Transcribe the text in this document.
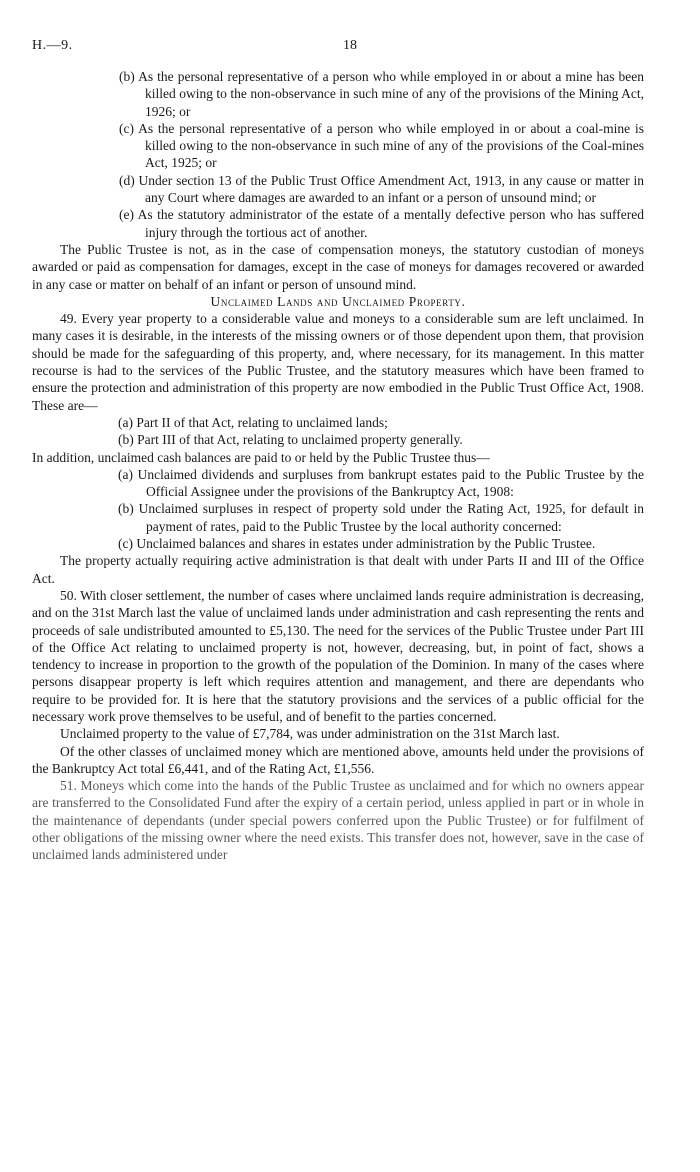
H.—9.	18

(b) As the personal representative of a person who while employed in or about a mine has been killed owing to the non-observance in such mine of any of the provisions of the Mining Act, 1926; or

(c) As the personal representative of a person who while employed in or about a coal-mine is killed owing to the non-observance in such mine of any of the provisions of the Coal-mines Act, 1925; or

(d) Under section 13 of the Public Trust Office Amendment Act, 1913, in any cause or matter in any Court where damages are awarded to an infant or a person of unsound mind; or

(e) As the statutory administrator of the estate of a mentally defective person who has suffered injury through the tortious act of another.

The Public Trustee is not, as in the case of compensation moneys, the statutory custodian of moneys awarded or paid as compensation for damages, except in the case of moneys for damages recovered or awarded in any case or matter on behalf of an infant or person of unsound mind.

Unclaimed Lands and Unclaimed Property.

49. Every year property to a considerable value and moneys to a considerable sum are left unclaimed. In many cases it is desirable, in the interests of the missing owners or of those dependent upon them, that provision should be made for the safeguarding of this property, and, where necessary, for its management. In this matter recourse is had to the services of the Public Trustee, and the statutory measures which have been framed to ensure the protection and administration of this property are now embodied in the Public Trust Office Act, 1908. These are—

(a) Part II of that Act, relating to unclaimed lands;

(b) Part III of that Act, relating to unclaimed property generally.

In addition, unclaimed cash balances are paid to or held by the Public Trustee thus—

(a) Unclaimed dividends and surpluses from bankrupt estates paid to the Public Trustee by the Official Assignee under the provisions of the Bankruptcy Act, 1908:

(b) Unclaimed surpluses in respect of property sold under the Rating Act, 1925, for default in payment of rates, paid to the Public Trustee by the local authority concerned:

(c) Unclaimed balances and shares in estates under administration by the Public Trustee.

The property actually requiring active administration is that dealt with under Parts II and III of the Office Act.

50. With closer settlement, the number of cases where unclaimed lands require administration is decreasing, and on the 31st March last the value of unclaimed lands under administration and cash representing the rents and proceeds of sale undistributed amounted to £5,130. The need for the services of the Public Trustee under Part III of the Office Act relating to unclaimed property is not, however, decreasing, but, in point of fact, shows a tendency to increase in proportion to the growth of the population of the Dominion. In many of the cases where persons disappear property is left which requires attention and management, and there are dependants who require to be provided for. It is here that the statutory provisions and the services of a public official for the necessary work prove themselves to be useful, and of benefit to the parties concerned.

Unclaimed property to the value of £7,784, was under administration on the 31st March last.

Of the other classes of unclaimed money which are mentioned above, amounts held under the provisions of the Bankruptcy Act total £6,441, and of the Rating Act, £1,556.

51. Moneys which come into the hands of the Public Trustee as unclaimed and for which no owners appear are transferred to the Consolidated Fund after the expiry of a certain period, unless applied in part or in whole in the maintenance of dependants (under special powers conferred upon the Public Trustee) or for fulfilment of other obligations of the missing owner where the need exists. This transfer does not, however, save in the case of unclaimed lands administered under
